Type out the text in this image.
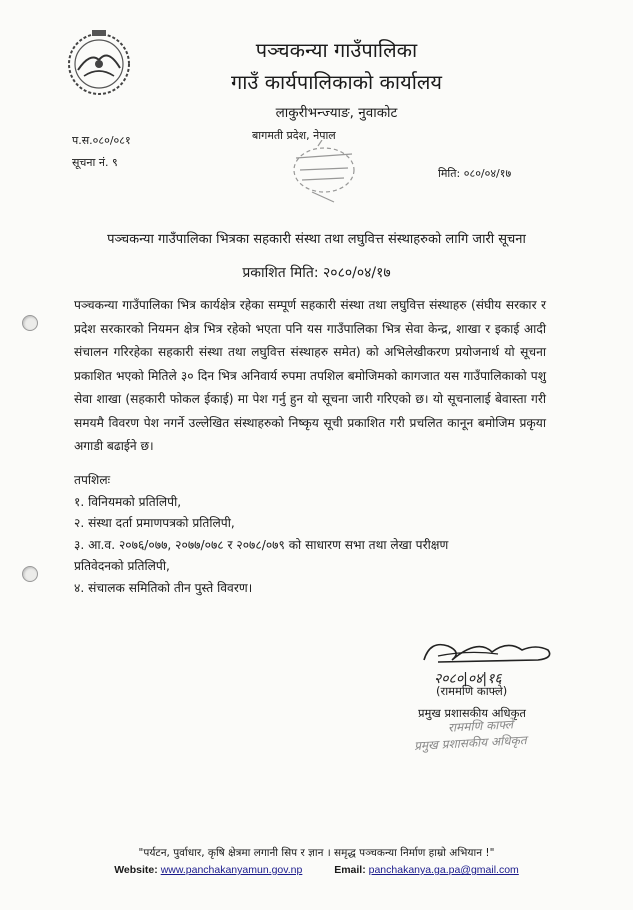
पञ्चकन्या गाउँपालिका
गाउँ कार्यपालिकाको कार्यालय
लाकुरीभन्ज्याङ, नुवाकोट
प.स.०८०/०८१
सूचना नं. ९
बागमती प्रदेश, नेपाल
मिति: ०८०/०४/१७
पञ्चकन्या गाउँपालिका भित्रका सहकारी संस्था तथा लघुवित्त संस्थाहरुको लागि जारी सूचना
प्रकाशित मिति: २०८०/०४/१७
पञ्चकन्या गाउँपालिका भित्र कार्यक्षेत्र रहेका सम्पूर्ण सहकारी संस्था तथा लघुवित्त संस्थाहरु (संघीय सरकार र प्रदेश सरकारको नियमन क्षेत्र भित्र रहेको भएता पनि यस गाउँपालिका भित्र सेवा केन्द्र, शाखा र इकाई आदी संचालन गरिरहेका सहकारी संस्था तथा लघुवित्त संस्थाहरु समेत) को अभिलेखीकरण प्रयोजनार्थ यो सूचना प्रकाशित भएको मितिले ३० दिन भित्र अनिवार्य रुपमा तपशिल बमोजिमको कागजात यस गाउँपालिकाको पशु सेवा शाखा (सहकारी फोकल ईकाई) मा पेश गर्नु हुन यो सूचना जारी गरिएको छ। यो सूचनालाई बेवास्ता गरी समयमै विवरण पेश नगर्ने उल्लेखित संस्थाहरुको निष्कृय सूची प्रकाशित गरी प्रचलित कानून बमोजिम प्रकृया अगाडी बढाईने छ।
तपशिलः
१. विनियमको प्रतिलिपी,
२. संस्था दर्ता प्रमाणपत्रको प्रतिलिपी,
३. आ.व. २०७६/०७७, २०७७/०७८ र २०७८/०७९ को साधारण सभा तथा लेखा परीक्षण
प्रतिवेदनको प्रतिलिपी,
४. संचालक समितिको तीन पुस्ते विवरण।
२०८०|०४|१६
(राममणि काफ्ले)
प्रमुख प्रशासकीय अधिकृत
राममणि काफ्ले
प्रमुख प्रशासकीय अधिकृत
"पर्यटन, पुर्वाधार, कृषि क्षेत्रमा लगानी सिप र ज्ञान । समृद्ध पञ्चकन्या निर्माण हाम्रो अभियान !"
Website: www.panchakanyamun.gov.np	Email: panchakanya.ga.pa@gmail.com
